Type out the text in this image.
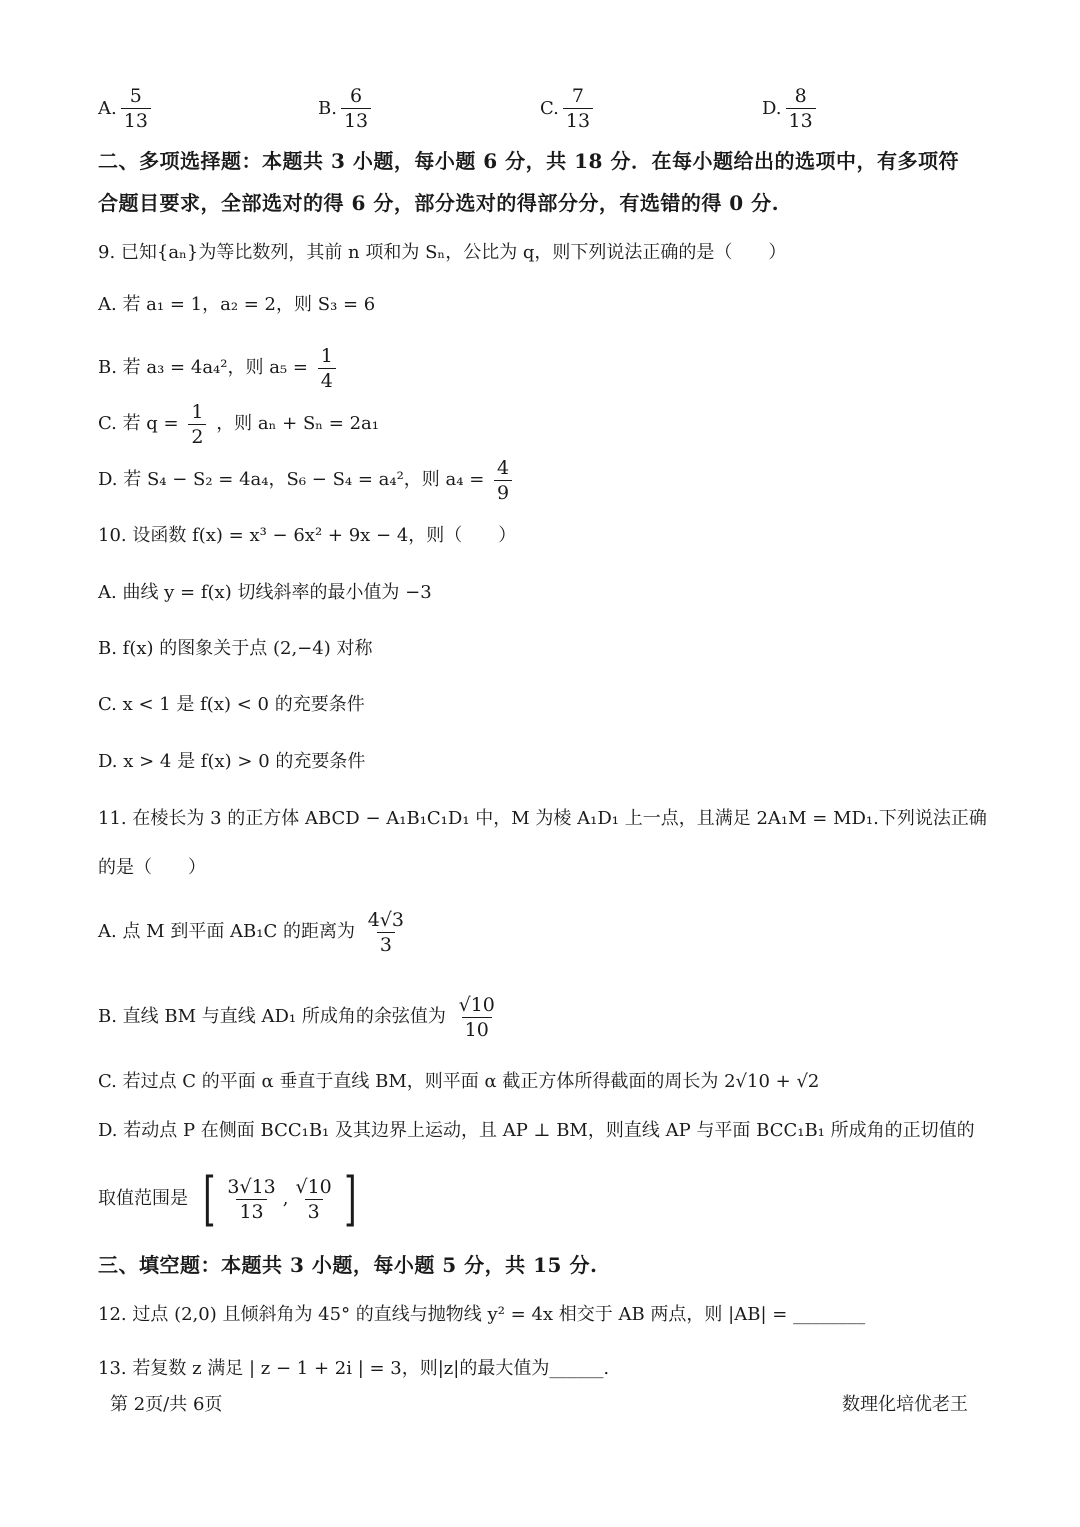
A. $\frac{5}{13}$	B. $\frac{6}{13}$	C. $\frac{7}{13}$	D. $\frac{8}{13}$
二、多项选择题：本题共 3 小题，每小题 6 分，共 18 分．在每小题给出的选项中，有多项符
合题目要求，全部选对的得 6 分，部分选对的得部分分，有选错的得 0 分.
9. 已知{aₙ}为等比数列，其前 n 项和为 Sₙ，公比为 q，则下列说法正确的是（　　）
A. 若 a₁ = 1，a₂ = 2，则 S₃ = 6
B. 若 a₃ = 4a₄²，则 $a_5 = \frac{1}{4}$
C. 若 $q = \frac{1}{2}$ ，则 aₙ + Sₙ = 2a₁
D. 若 S₄ − S₂ = 4a₄，S₆ − S₄ = a₄²，则 $a_4 = \frac{4}{9}$
10. 设函数 f(x) = x³ − 6x² + 9x − 4，则（　　）
A. 曲线 y = f(x) 切线斜率的最小值为 −3
B. f(x) 的图象关于点 (2,−4) 对称
C. x < 1 是 f(x) < 0 的充要条件
D. x > 4 是 f(x) > 0 的充要条件
11. 在棱长为 3 的正方体 ABCD − A₁B₁C₁D₁ 中，M 为棱 A₁D₁ 上一点，且满足 2A₁M = MD₁.下列说法正确
的是（　　）
A. 点 M 到平面 AB₁C 的距离为 $\frac{4√3}{3}$
B. 直线 BM 与直线 AD₁ 所成角的余弦值为 $\frac{√10}{10}$
C. 若过点 C 的平面 α 垂直于直线 BM，则平面 α 截正方体所得截面的周长为 2√10 + √2
D. 若动点 P 在侧面 BCC₁B₁ 及其边界上运动，且 AP ⊥ BM，则直线 AP 与平面 BCC₁B₁ 所成角的正切值的
取值范围是 [ $\frac{3√13}{13}$ , $\frac{√10}{3}$ ]
三、填空题：本题共 3 小题，每小题 5 分，共 15 分.
12. 过点 (2,0) 且倾斜角为 45° 的直线与抛物线 y² = 4x 相交于 AB 两点，则 |AB| = ________
13. 若复数 z 满足 | z − 1 + 2i | = 3，则|z|的最大值为______.
第 2页/共 6页	数理化培优老王
